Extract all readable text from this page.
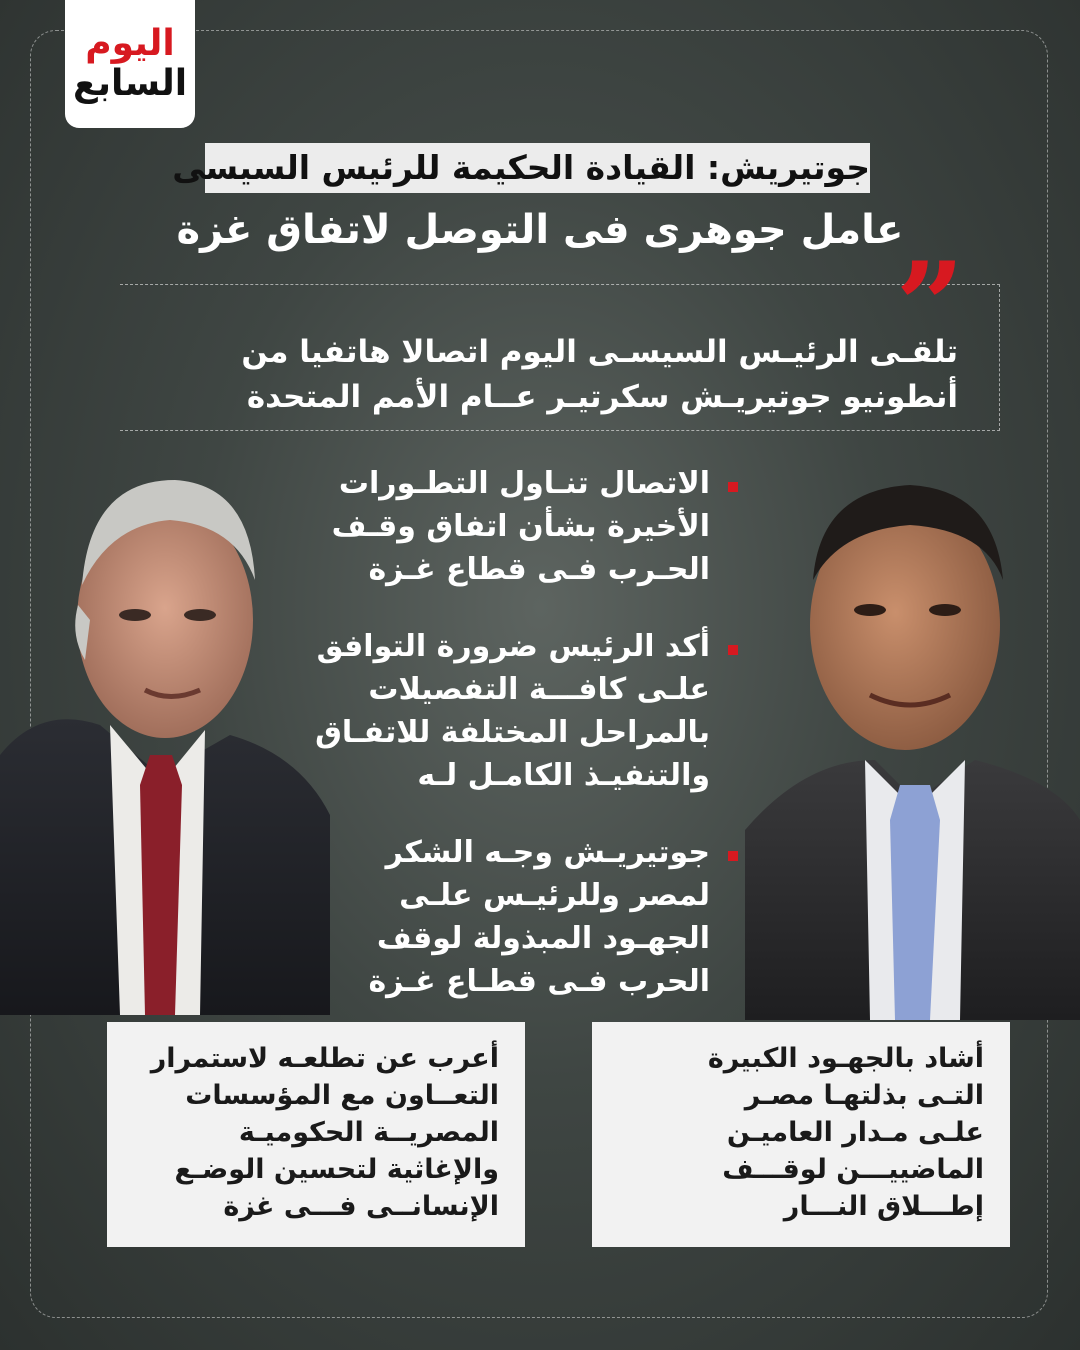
اليوم
السابع
جوتيريش: القيادة الحكيمة للرئيس السيسى
عامل جوهرى فى التوصل لاتفاق غزة
”
تلقـى الرئيـس السيسـى اليوم اتصالا هاتفيا من
أنطونيو جوتيريـش سكرتيـر عــام الأمم المتحدة
الاتصال تنـاول التطـورات
الأخيرة بشأن اتفاق وقـف
الحـرب فـى قطاع غـزة
أكد الرئيس ضرورة التوافق
علـى كافـــة التفصيلات
بالمراحل المختلفة للاتفـاق
والتنفيـذ الكامـل لـه
جوتيريـش وجـه الشكر
لمصر وللرئيـس علـى
الجهـود المبذولة لوقف
الحرب فـى قطـاع غـزة
أعرب عن تطلعـه لاستمرار
التعــاون مع المؤسسات
المصريــة الحكوميـة
والإغاثية لتحسين الوضـع
الإنسانــى فـــى غزة
أشاد بالجهـود الكبيرة
التـى بذلتهـا مصـر
علـى مـدار العاميـن
الماضييـــن لوقـــف
إطـــلاق النـــار
